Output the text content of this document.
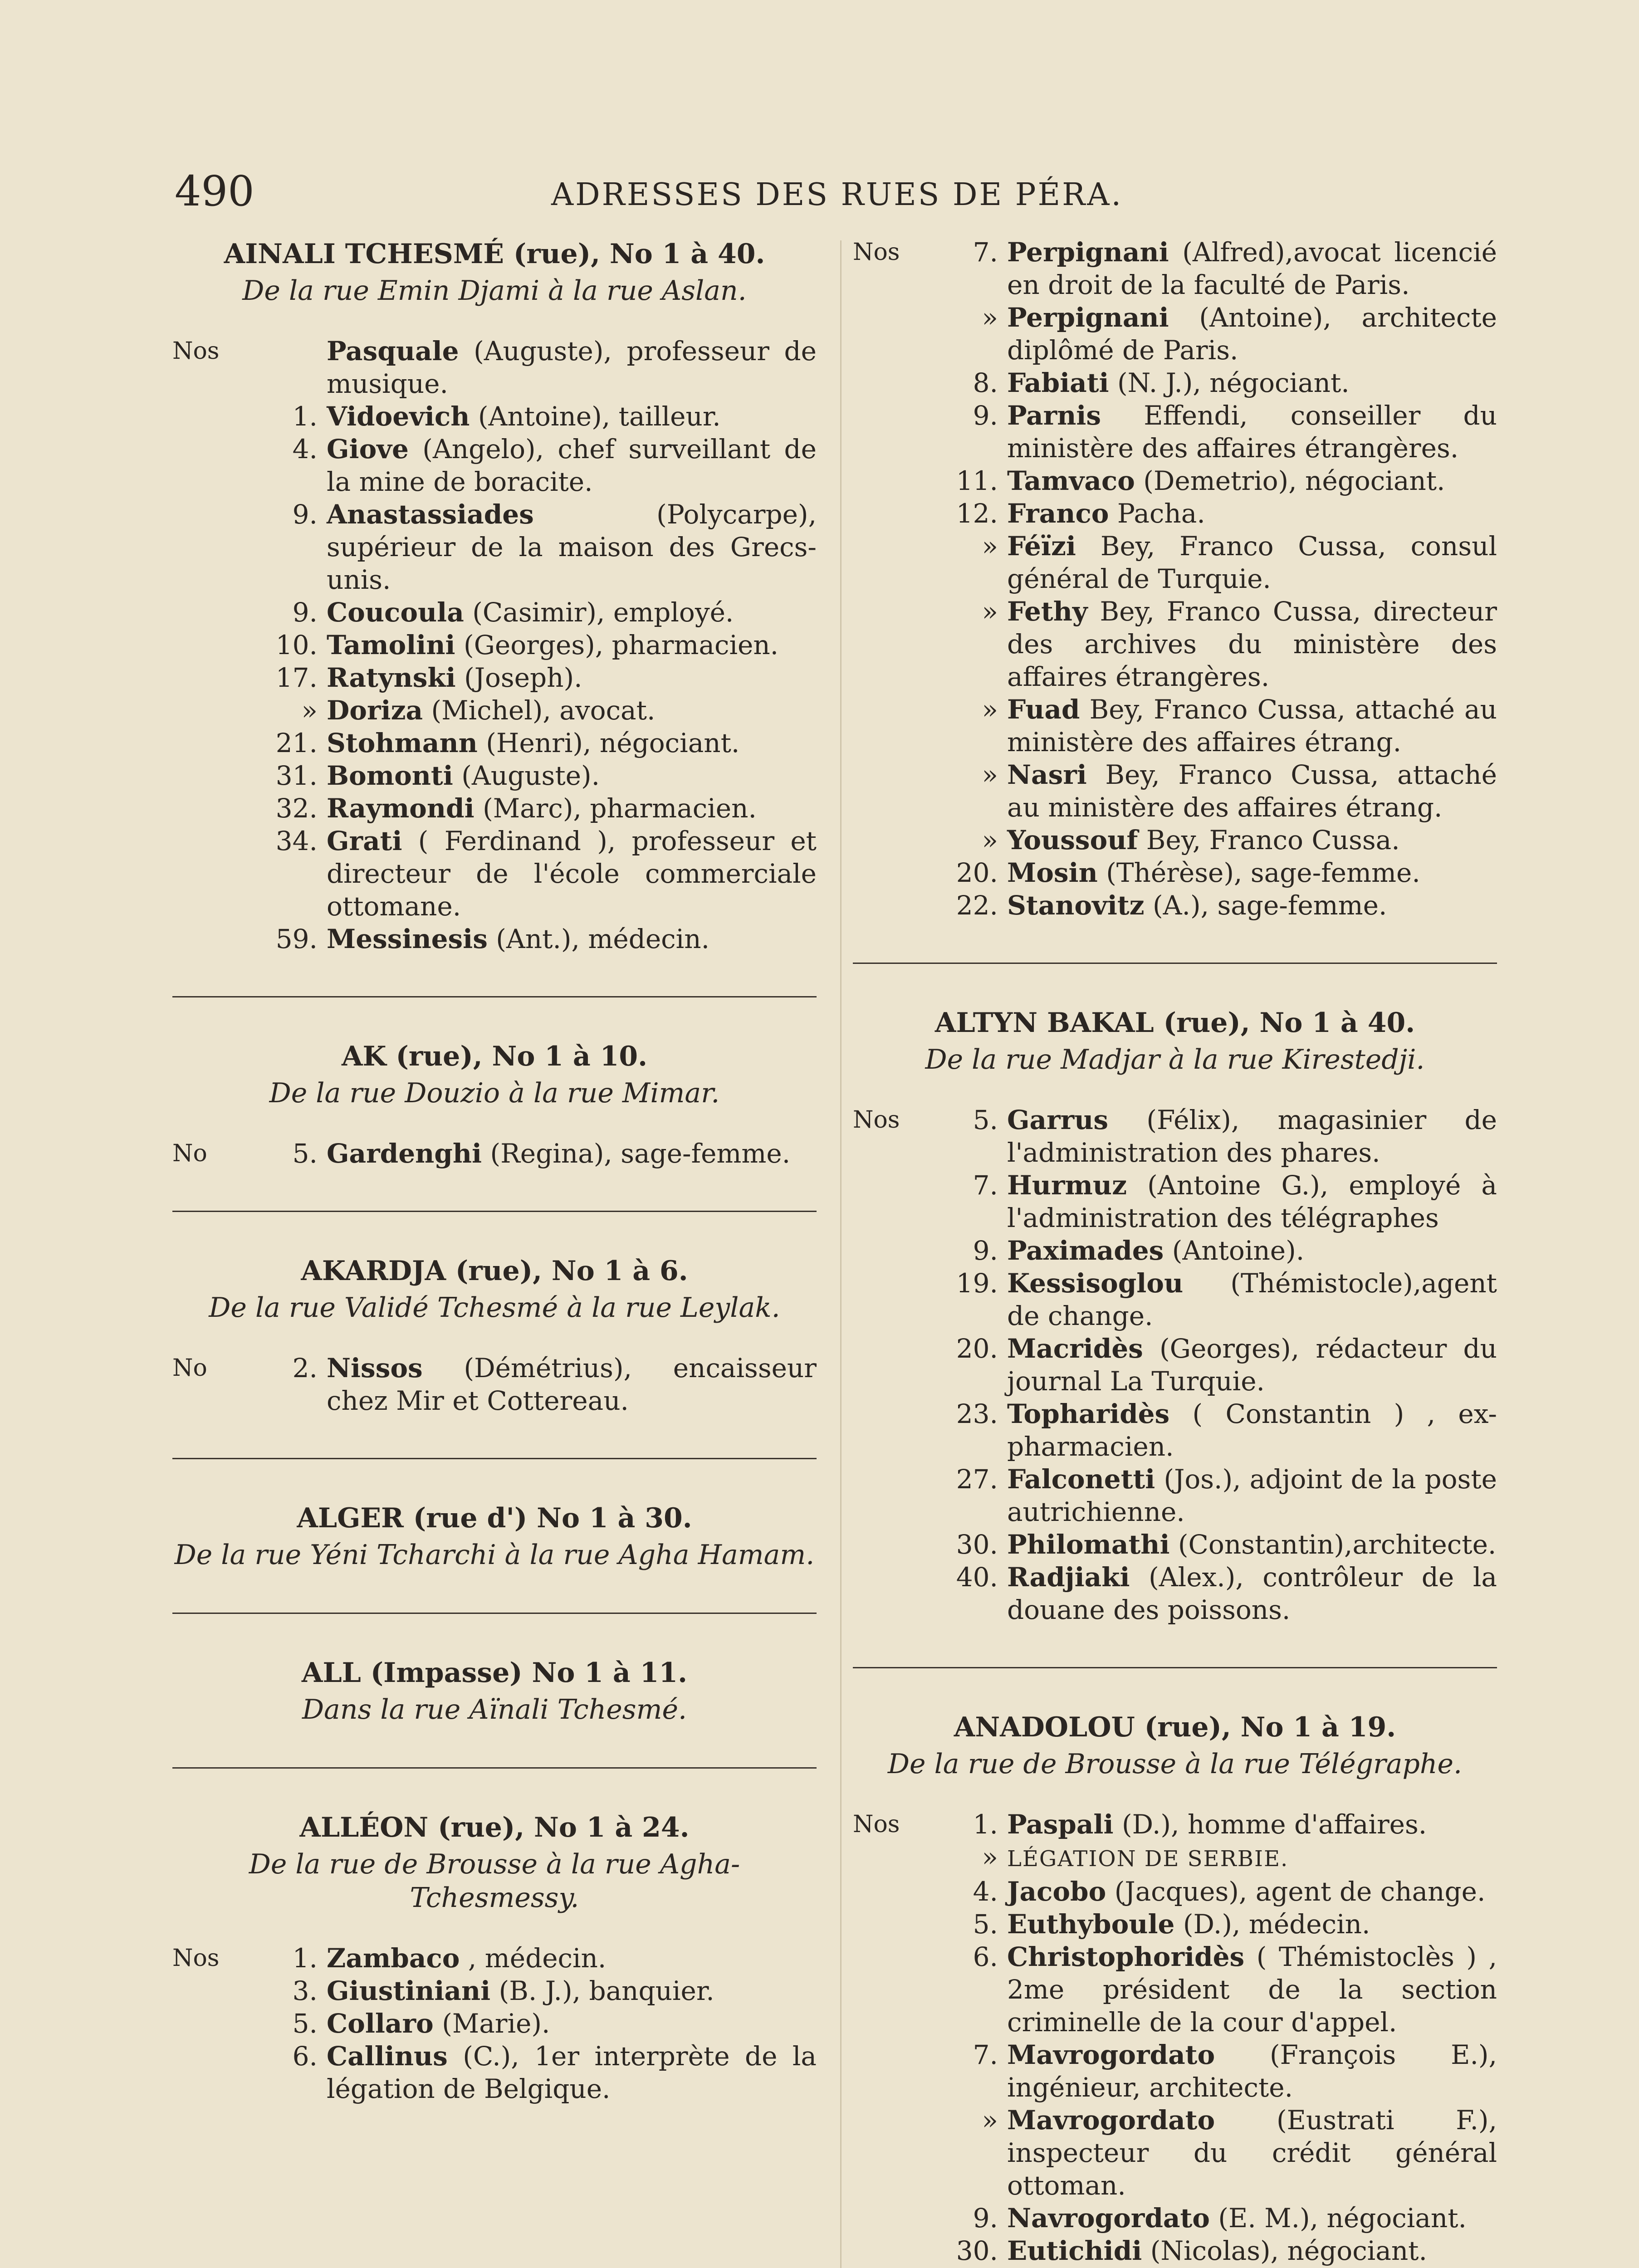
490	ADRESSES DES RUES DE PÉRA.
AINALI TCHESMÉ (rue), No 1 à 40.
De la rue Emin Djami à la rue Aslan.
Nos	Pasquale (Auguste), professeur de musique.
1. Vidoevich (Antoine), tailleur.
4. Giove (Angelo), chef surveillant de la mine de boracite.
9. Anastassiades	(Polycarpe), supérieur de la maison des Grecs-unis.
9. Coucoula (Casimir), employé.
10. Tamolini (Georges), pharmacien.
17. Ratynski (Joseph).
» Doriza (Michel), avocat.
21. Stohmann (Henri), négociant.
31. Bomonti (Auguste).
32. Raymondi (Marc), pharmacien.
34. Grati ( Ferdinand ), professeur et directeur de l'école commerciale ottomane.
59. Messinesis (Ant.), médecin.
AK (rue), No 1 à 10.
De la rue Douzio à la rue Mimar.
No	5. Gardenghi (Regina), sage-femme.
AKARDJA (rue), No 1 à 6.
De la rue Validé Tchesmé à la rue Leylak.
No	2. Nissos (Démétrius), encaisseur chez Mir et Cottereau.
ALGER (rue d') No 1 à 30.
De la rue Yéni Tcharchi à la rue Agha Hamam.
ALL (Impasse) No 1 à 11.
Dans la rue Aïnali Tchesmé.
ALLÉON (rue), No 1 à 24.
De la rue de Brousse à la rue Agha-Tchesmessy.
Nos	1. Zambaco , médecin.
3. Giustiniani (B. J.), banquier.
5. Collaro (Marie).
6. Callinus (C.), 1er interprète de la légation de Belgique.
Nos	7. Perpignani (Alfred),avocat licencié en droit de la faculté de Paris.
» Perpignani (Antoine), architecte diplômé de Paris.
8. Fabiati (N. J.), négociant.
9. Parnis Effendi, conseiller du ministère des affaires étrangères.
11. Tamvaco (Demetrio), négociant.
12. Franco Pacha.
» Féïzi Bey, Franco Cussa, consul général de Turquie.
» Fethy Bey, Franco Cussa, directeur des archives du ministère des affaires étrangères.
» Fuad Bey, Franco Cussa, attaché au ministère des affaires étrang.
» Nasri Bey, Franco Cussa, attaché au ministère des affaires étrang.
» Youssouf Bey, Franco Cussa.
20. Mosin (Thérèse), sage-femme.
22. Stanovitz (A.), sage-femme.
ALTYN BAKAL (rue), No 1 à 40.
De la rue Madjar à la rue Kirestedji.
Nos	5. Garrus (Félix), magasinier de l'administration des phares.
7. Hurmuz (Antoine G.), employé à l'administration des télégraphes
9. Paximades (Antoine).
19. Kessisoglou (Thémistocle),agent de change.
20. Macridès (Georges), rédacteur du journal La Turquie.
23. Topharidès ( Constantin ) , ex-pharmacien.
27. Falconetti (Jos.), adjoint de la poste autrichienne.
30. Philomathi (Constantin),architecte.
40. Radjiaki (Alex.), contrôleur de la douane des poissons.
ANADOLOU (rue), No 1 à 19.
De la rue de Brousse à la rue Télégraphe.
Nos	1. Paspali (D.), homme d'affaires.
» LÉGATION DE SERBIE.
4. Jacobo (Jacques), agent de change.
5. Euthyboule (D.), médecin.
6. Christophoridès ( Thémistoclès ) , 2me président de la section criminelle de la cour d'appel.
7. Mavrogordato (François E.), ingénieur, architecte.
» Mavrogordato (Eustrati F.), inspecteur du crédit général ottoman.
9. Navrogordato (E. M.), négociant.
30. Eutichidi (Nicolas), négociant.
